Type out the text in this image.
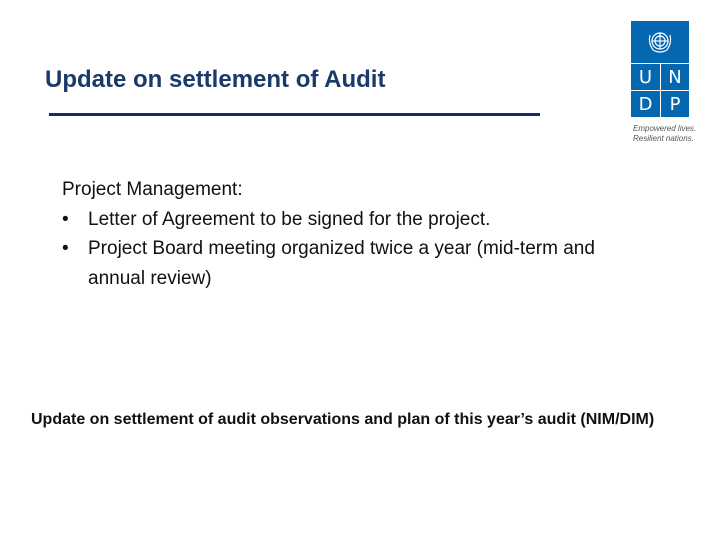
Update on settlement of Audit	U N
D P
Empowered lives.
Resilient nations.
Project Management:
• Letter of Agreement to be signed for the project.
• Project Board meeting organized twice a year (mid-term and annual review)
Update on settlement of audit observations and plan of this year’s audit (NIM/DIM)
